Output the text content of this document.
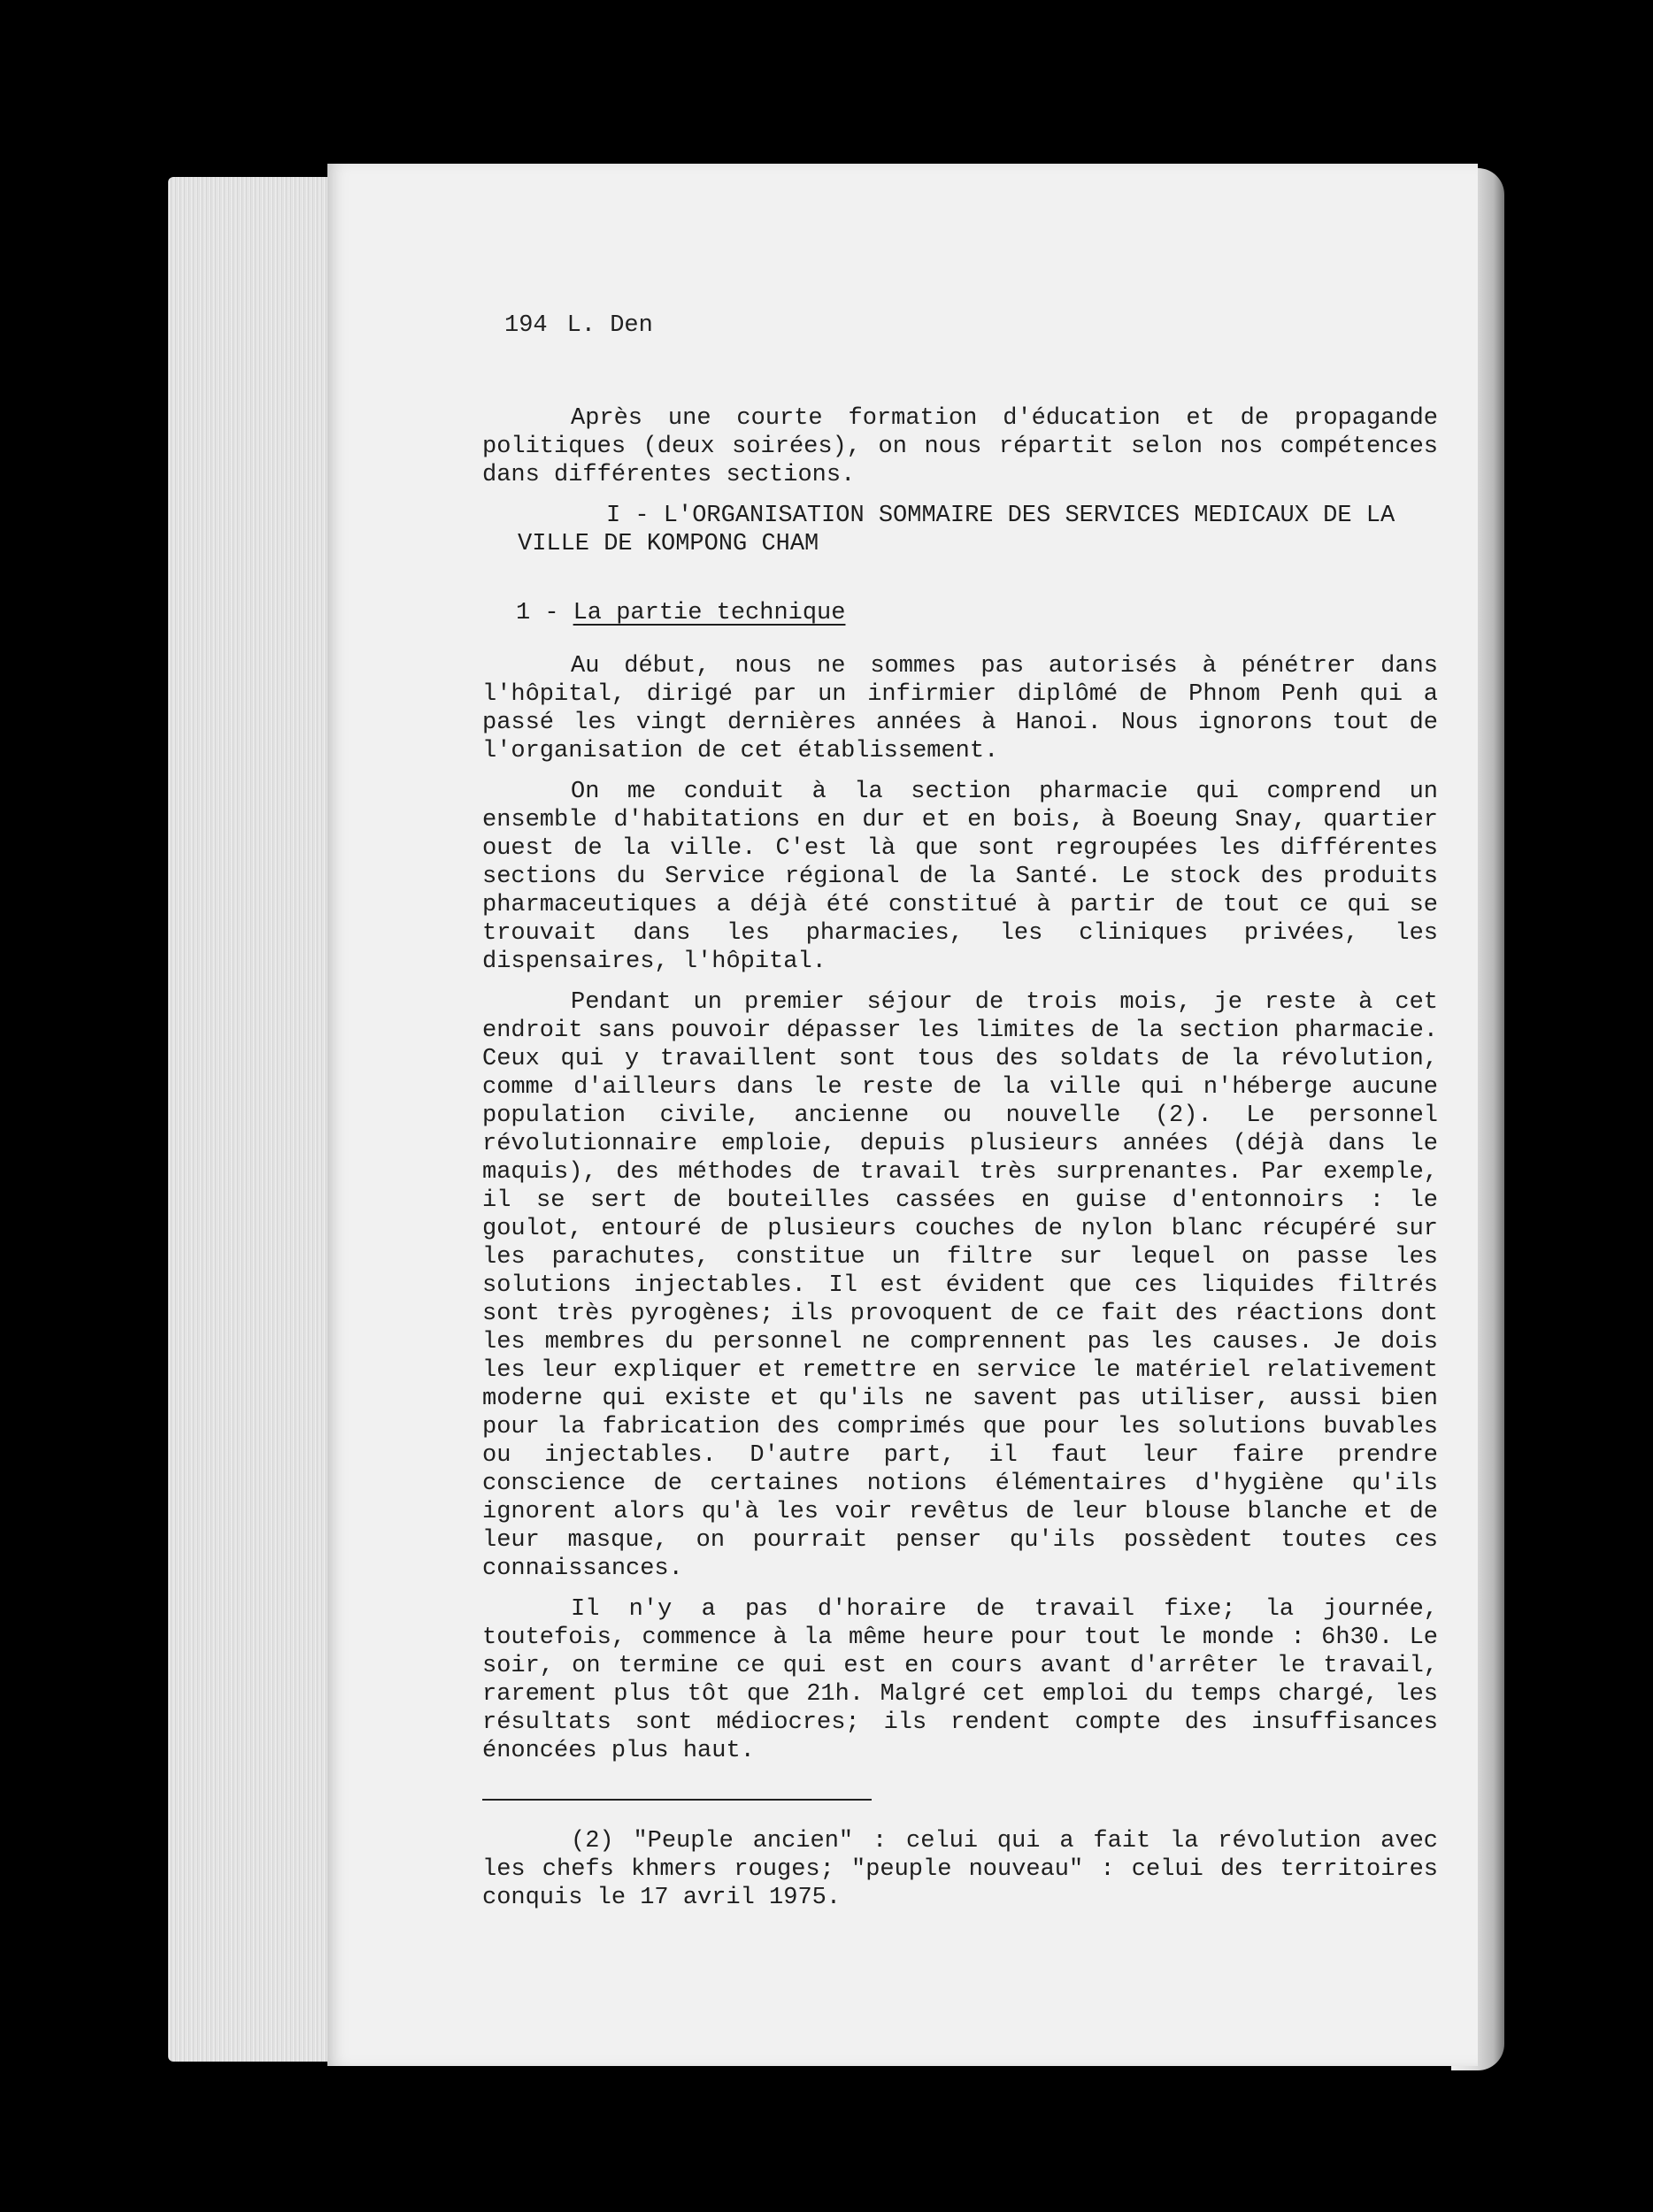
194 L. Den

Après une courte formation d'éducation et de propagande politiques (deux soirées), on nous répartit selon nos compétences dans différentes sections.

I - L'ORGANISATION SOMMAIRE DES SERVICES MEDICAUX DE LA VILLE DE KOMPONG CHAM

1 - La partie technique

Au début, nous ne sommes pas autorisés à pénétrer dans l'hôpital, dirigé par un infirmier diplômé de Phnom Penh qui a passé les vingt dernières années à Hanoi. Nous ignorons tout de l'organisation de cet établissement.

On me conduit à la section pharmacie qui comprend un ensemble d'habitations en dur et en bois, à Boeung Snay, quartier ouest de la ville. C'est là que sont regroupées les différentes sections du Service régional de la Santé. Le stock des produits pharmaceutiques a déjà été constitué à partir de tout ce qui se trouvait dans les pharmacies, les cliniques privées, les dispensaires, l'hôpital.

Pendant un premier séjour de trois mois, je reste à cet endroit sans pouvoir dépasser les limites de la section pharmacie. Ceux qui y travaillent sont tous des soldats de la révolution, comme d'ailleurs dans le reste de la ville qui n'héberge aucune population civile, ancienne ou nouvelle (2). Le personnel révolutionnaire emploie, depuis plusieurs années (déjà dans le maquis), des méthodes de travail très surprenantes. Par exemple, il se sert de bouteilles cassées en guise d'entonnoirs : le goulot, entouré de plusieurs couches de nylon blanc récupéré sur les parachutes, constitue un filtre sur lequel on passe les solutions injectables. Il est évident que ces liquides filtrés sont très pyrogènes; ils provoquent de ce fait des réactions dont les membres du personnel ne comprennent pas les causes. Je dois les leur expliquer et remettre en service le matériel relativement moderne qui existe et qu'ils ne savent pas utiliser, aussi bien pour la fabrication des comprimés que pour les solutions buvables ou injectables. D'autre part, il faut leur faire prendre conscience de certaines notions élémentaires d'hygiène qu'ils ignorent alors qu'à les voir revêtus de leur blouse blanche et de leur masque, on pourrait penser qu'ils possèdent toutes ces connaissances.

Il n'y a pas d'horaire de travail fixe; la journée, toutefois, commence à la même heure pour tout le monde : 6h30. Le soir, on termine ce qui est en cours avant d'arrêter le travail, rarement plus tôt que 21h. Malgré cet emploi du temps chargé, les résultats sont médiocres; ils rendent compte des insuffisances énoncées plus haut.

(2) "Peuple ancien" : celui qui a fait la révolution avec les chefs khmers rouges; "peuple nouveau" : celui des territoires conquis le 17 avril 1975.
